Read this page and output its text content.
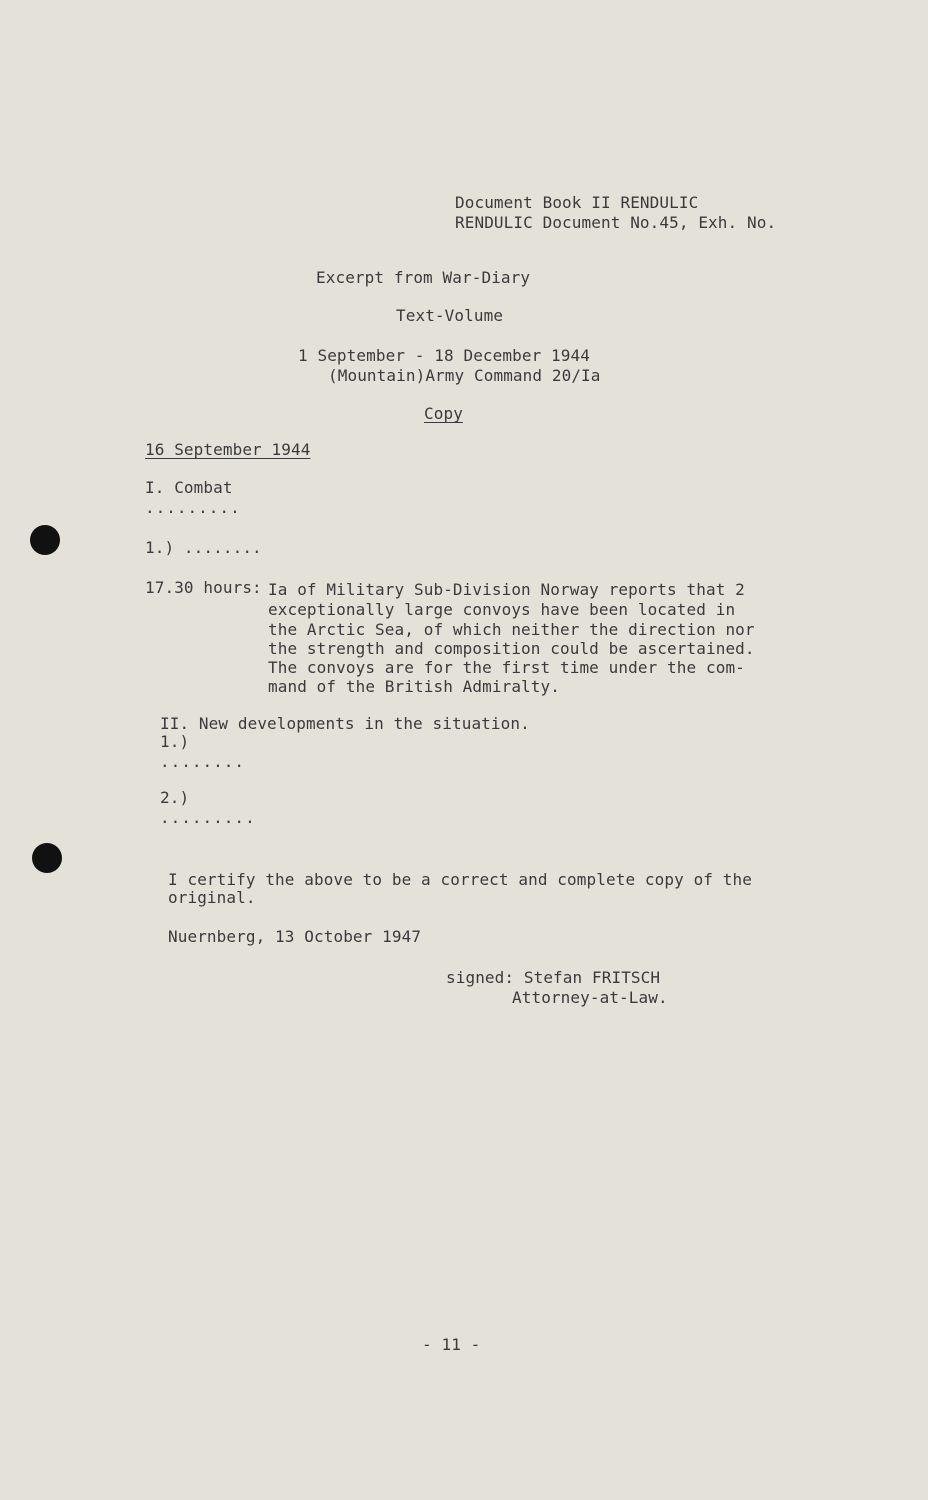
Document Book II RENDULIC
RENDULIC Document No.45, Exh. No.
Excerpt from War-Diary
Text-Volume
1 September - 18 December 1944
(Mountain)Army Command 20/Ia
Copy
16 September 1944
I. Combat
.........
1.) ........
17.30 hours: Ia of Military Sub-Division Norway reports that 2
exceptionally large convoys have been located in
the Arctic Sea, of which neither the direction nor
the strength and composition could be ascertained.
The convoys are for the first time under the com-
mand of the British Admiralty.
II. New developments in the situation.
1.)
........
2.)
.........
I certify the above to be a correct and complete copy of the
original.
Nuernberg, 13 October 1947
signed: Stefan FRITSCH
Attorney-at-Law.
- 11 -
